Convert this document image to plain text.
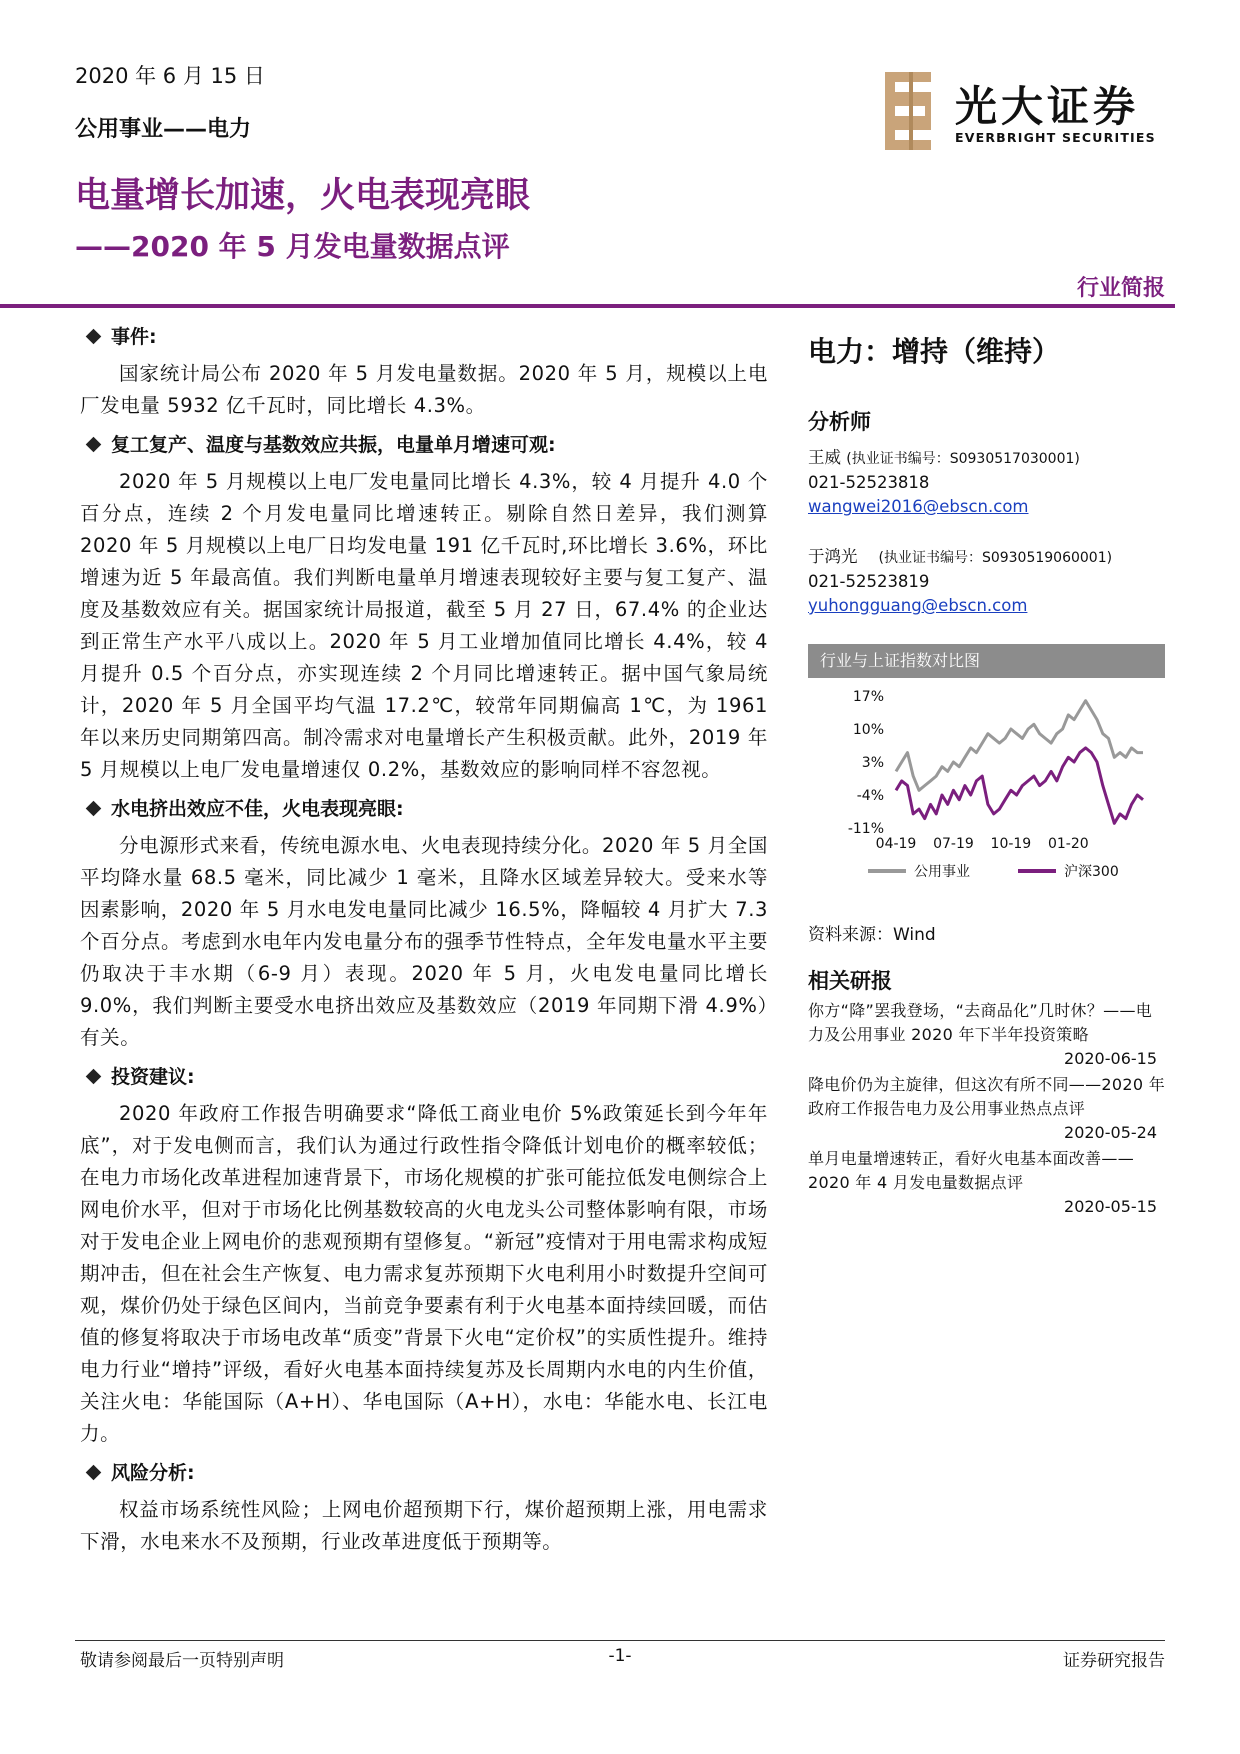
2020 年 6 月 15 日
公用事业——电力	光大证券
EVERBRIGHT SECURITIES
电量增长加速，火电表现亮眼
——2020 年 5 月发电量数据点评
行业简报
事件:

国家统计局公布 2020 年 5 月发电量数据。2020 年 5 月，规模以上电厂发电量 5932 亿千瓦时，同比增长 4.3%。

复工复产、温度与基数效应共振，电量单月增速可观:

2020 年 5 月规模以上电厂发电量同比增长 4.3%，较 4 月提升 4.0 个百分点，连续 2 个月发电量同比增速转正。剔除自然日差异，我们测算 2020 年 5 月规模以上电厂日均发电量 191 亿千瓦时,环比增长 3.6%，环比增速为近 5 年最高值。我们判断电量单月增速表现较好主要与复工复产、温度及基数效应有关。据国家统计局报道，截至 5 月 27 日，67.4% 的企业达到正常生产水平八成以上。2020 年 5 月工业增加值同比增长 4.4%，较 4 月提升 0.5 个百分点，亦实现连续 2 个月同比增速转正。据中国气象局统计，2020 年 5 月全国平均气温 17.2℃，较常年同期偏高 1℃，为 1961 年以来历史同期第四高。制冷需求对电量增长产生积极贡献。此外，2019 年 5 月规模以上电厂发电量增速仅 0.2%，基数效应的影响同样不容忽视。

水电挤出效应不佳，火电表现亮眼:

分电源形式来看，传统电源水电、火电表现持续分化。2020 年 5 月全国平均降水量 68.5 毫米，同比减少 1 毫米，且降水区域差异较大。受来水等因素影响，2020 年 5 月水电发电量同比减少 16.5%，降幅较 4 月扩大 7.3 个百分点。考虑到水电年内发电量分布的强季节性特点，全年发电量水平主要仍取决于丰水期（6-9 月）表现。2020 年 5 月，火电发电量同比增长 9.0%，我们判断主要受水电挤出效应及基数效应（2019 年同期下滑 4.9%）有关。

投资建议:

2020 年政府工作报告明确要求“降低工商业电价 5%政策延长到今年年底”，对于发电侧而言，我们认为通过行政性指令降低计划电价的概率较低；在电力市场化改革进程加速背景下，市场化规模的扩张可能拉低发电侧综合上网电价水平，但对于市场化比例基数较高的火电龙头公司整体影响有限，市场对于发电企业上网电价的悲观预期有望修复。“新冠”疫情对于用电需求构成短期冲击，但在社会生产恢复、电力需求复苏预期下火电利用小时数提升空间可观，煤价仍处于绿色区间内，当前竞争要素有利于火电基本面持续回暖，而估值的修复将取决于市场电改革“质变”背景下火电“定价权”的实质性提升。维持电力行业“增持”评级，看好火电基本面持续复苏及长周期内水电的内生价值，关注火电：华能国际（A+H）、华电国际（A+H），水电：华能水电、长江电力。

风险分析:

权益市场系统性风险；上网电价超预期下行，煤价超预期上涨，用电需求下滑，水电来水不及预期，行业改革进度低于预期等。

电力：增持（维持）
分析师
王威 (执业证书编号：S0930517030001)
021-52523818
wangwei2016@ebscn.com
于鸿光 (执业证书编号：S0930519060001)
021-52523819
yuhongguang@ebscn.com
行业与上证指数对比图
17%
10%
3%
-4%
-11%
04-19 07-19 10-19 01-20
公用事业	沪深300
资料来源：Wind
相关研报
你方“降”罢我登场，“去商品化”几时休？——电力及公用事业 2020 年下半年投资策略
2020-06-15
降电价仍为主旋律，但这次有所不同——2020 年政府工作报告电力及公用事业热点点评
2020-05-24
单月电量增速转正，看好火电基本面改善——2020 年 4 月发电量数据点评
2020-05-15
敬请参阅最后一页特别声明	-1-	证券研究报告
